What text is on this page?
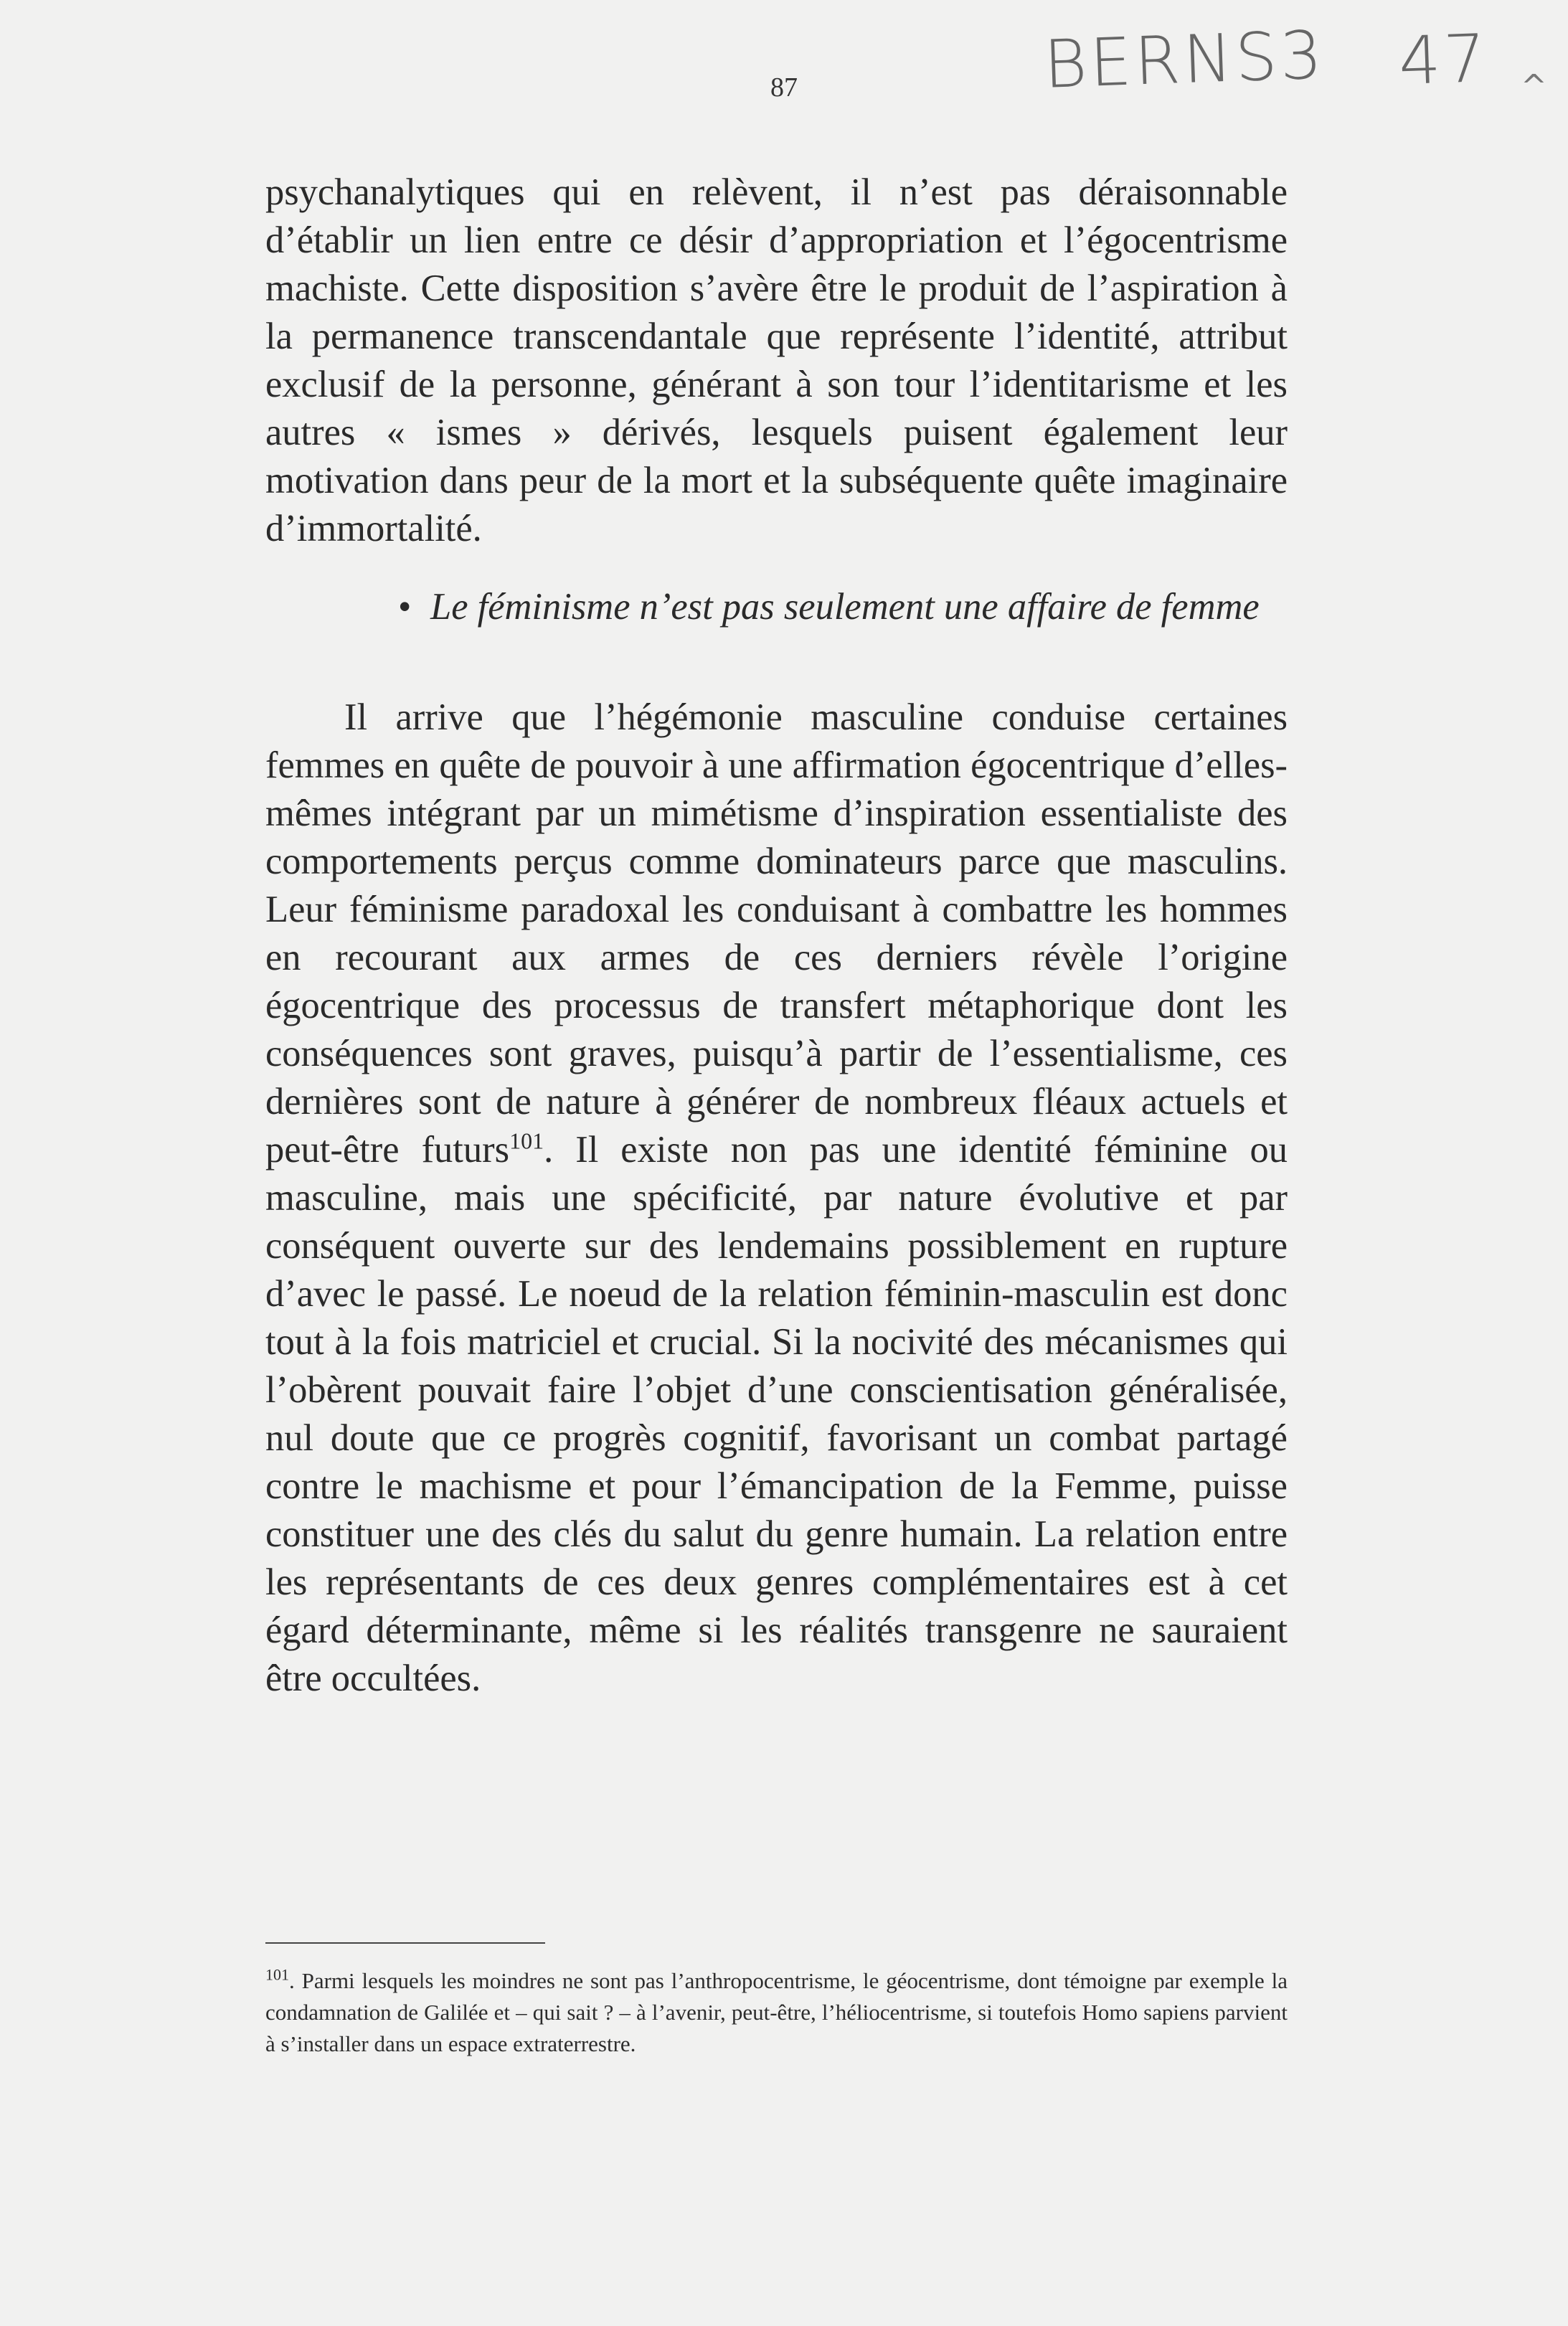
87	BERNS3 47 ^
psychanalytiques qui en relèvent, il n’est pas déraisonnable d’établir un lien entre ce désir d’appropriation et l’égocentrisme machiste. Cette disposition s’avère être le produit de l’aspiration à la permanence transcendantale que représente l’identité, attribut exclusif de la personne, générant à son tour l’identitarisme et les autres « ismes » dérivés, lesquels puisent également leur motivation dans peur de la mort et la subséquente quête imaginaire d’immortalité.
• Le féminisme n’est pas seulement une affaire de femme
Il arrive que l’hégémonie masculine conduise certaines femmes en quête de pouvoir à une affirmation égocentrique d’elles-mêmes intégrant par un mimétisme d’inspiration essentialiste des comportements perçus comme dominateurs parce que masculins. Leur féminisme paradoxal les conduisant à combattre les hommes en recourant aux armes de ces derniers révèle l’origine égocentrique des processus de transfert métaphorique dont les conséquences sont graves, puisqu’à partir de l’essentialisme, ces dernières sont de nature à générer de nombreux fléaux actuels et peut-être futurs$^{101}$. Il existe non pas une identité féminine ou masculine, mais une spécificité, par nature évolutive et par conséquent ouverte sur des lendemains possiblement en rupture d’avec le passé. Le noeud de la relation féminin-masculin est donc tout à la fois matriciel et crucial. Si la nocivité des mécanismes qui l’obèrent pouvait faire l’objet d’une conscientisation généralisée, nul doute que ce progrès cognitif, favorisant un combat partagé contre le machisme et pour l’émancipation de la Femme, puisse constituer une des clés du salut du genre humain. La relation entre les représentants de ces deux genres complémentaires est à cet égard déterminante, même si les réalités transgenre ne sauraient être occultées.
$^{101}$. Parmi lesquels les moindres ne sont pas l’anthropocentrisme, le géocentrisme, dont témoigne par exemple la condamnation de Galilée et – qui sait ? – à l’avenir, peut-être, l’héliocentrisme, si toutefois Homo sapiens parvient à s’installer dans un espace extraterrestre.
